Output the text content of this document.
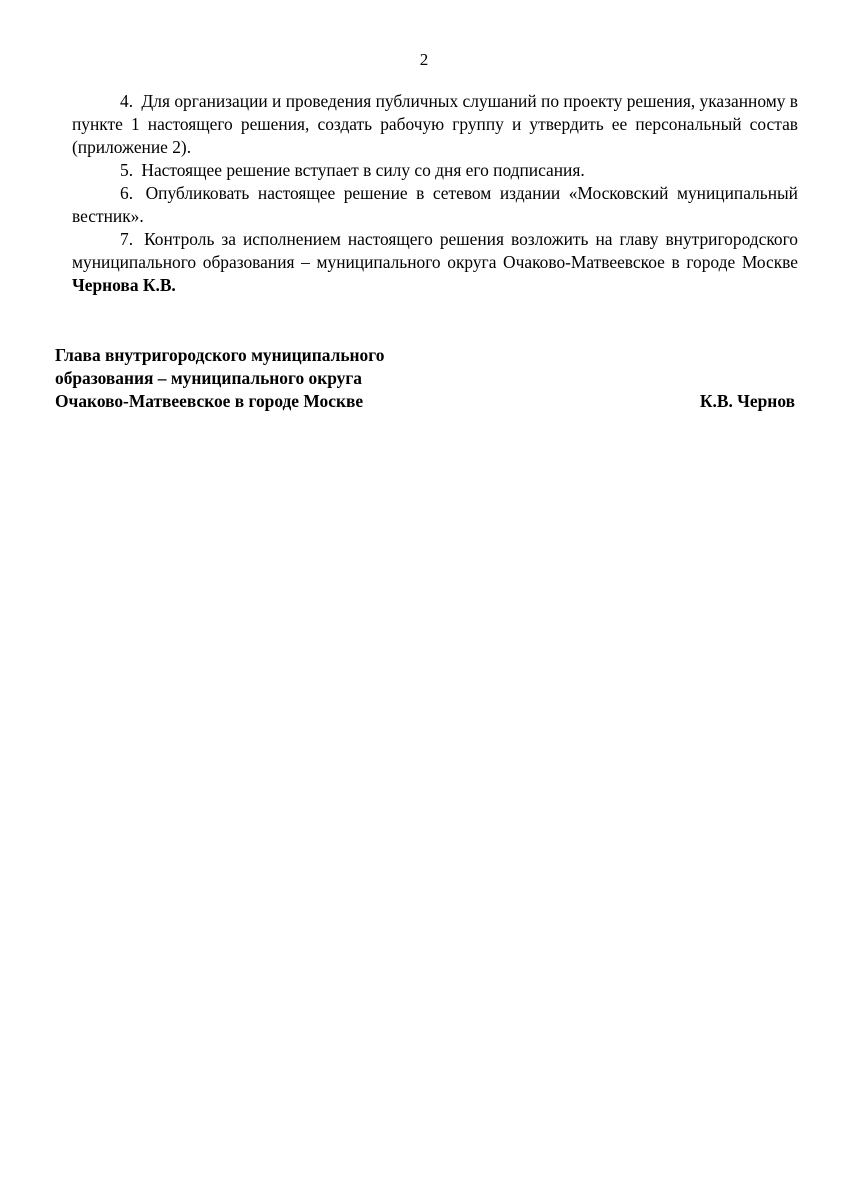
2

4. Для организации и проведения публичных слушаний по проекту решения, указанному в пункте 1 настоящего решения, создать рабочую группу и утвердить ее персональный состав (приложение 2).

5. Настоящее решение вступает в силу со дня его подписания.

6. Опубликовать настоящее решение в сетевом издании «Московский муниципальный вестник».

7. Контроль за исполнением настоящего решения возложить на главу внутригородского муниципального образования – муниципального округа Очаково-Матвеевское в городе Москве Чернова К.В.

Глава внутригородского муниципального
образования – муниципального округа
Очаково-Матвеевское в городе Москве	К.В. Чернов
